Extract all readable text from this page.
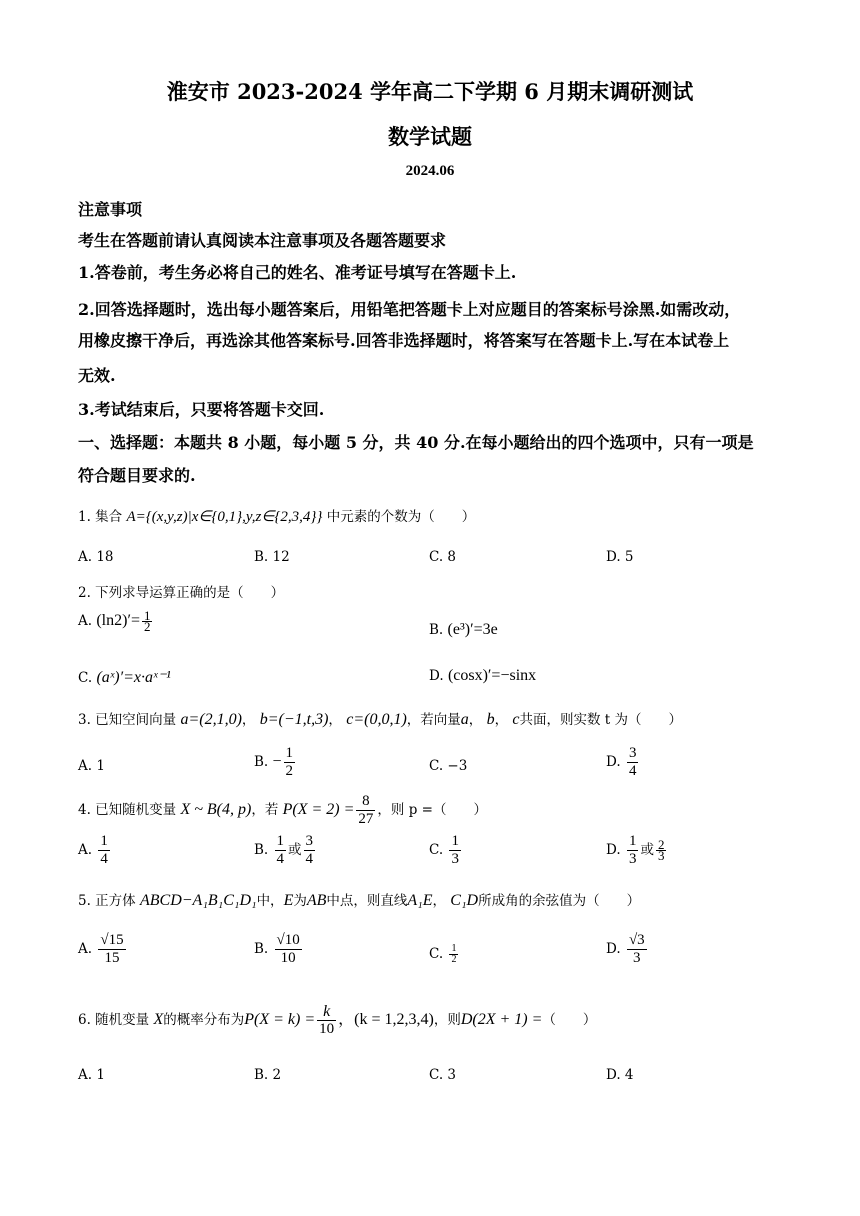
淮安市 2023-2024 学年高二下学期 6 月期末调研测试
数学试题
2024.06
注意事项
考生在答题前请认真阅读本注意事项及各题答题要求
1.答卷前，考生务必将自己的姓名、准考证号填写在答题卡上.
2.回答选择题时，选出每小题答案后，用铅笔把答题卡上对应题目的答案标号涂黑.如需改动，
用橡皮擦干净后，再选涂其他答案标号.回答非选择题时，将答案写在答题卡上.写在本试卷上
无效.
3.考试结束后，只要将答题卡交回.
一、选择题：本题共 8 小题，每小题 5 分，共 40 分.在每小题给出的四个选项中，只有一项是
符合题目要求的.
1. 集合 A={(x,y,z)|x∈{0,1},y,z∈{2,3,4}} 中元素的个数为（　　）
A. 18	B. 12	C. 8	D. 5
2. 下列求导运算正确的是（　　）
A. $(\ln 2)'= \frac{1}{2}$	B. (e³)′=3e
C. (aˣ)′=x·aˣ⁻¹	D. (cosx)′=−sinx
3. 已知空间向量 a=(2,1,0)， b=(−1,t,3)， c=(0,0,1)，若向量a， b， c共面，则实数 t 为（　　）
A. 1	B. − $\frac{1}{2}$	C. −3	D. $\frac{3}{4}$
4. 已知随机变量 X ~ B(4, p)，若 $P(X = 2) = \frac{8}{27}$ ，则 p =（　　）
A. $\frac{1}{4}$	B. $\frac{1}{4}$ 或 $\frac{3}{4}$	C. $\frac{1}{3}$	D. $\frac{1}{3}$ 或 $\frac{2}{3}$
5. 正方体 ABCD−A₁B₁C₁D₁中，E为AB中点，则直线A₁E， C₁D所成角的余弦值为（　　）
A. $\frac{√15}{15}$	B. $\frac{√10}{10}$	C. $\frac{1}{2}$	D. $\frac{√3}{3}$
6. 随机变量 X的概率分布为$P(X = k) = \frac{k}{10}$ ，(k = 1,2,3,4)，则D(2X + 1) =（　　）
A. 1	B. 2	C. 3	D. 4
